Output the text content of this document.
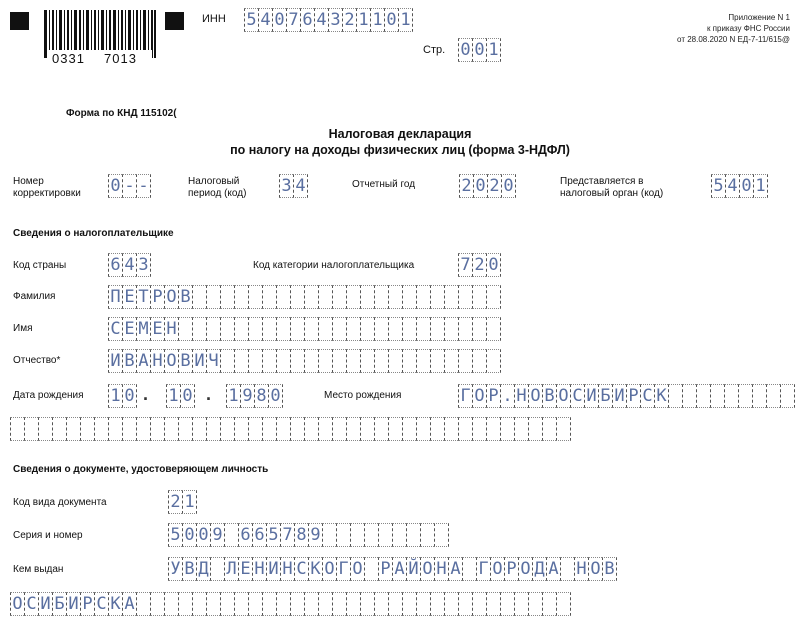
0331 7013
ИНН 5 4 0 7 6 4 3 2 1 1 0 1
Стр. 0 0 1
Приложение N 1
к приказу ФНС России
от 28.08.2020 N ЕД-7-11/615@
Форма по КНД 115102(
Налоговая декларация
по налогу на доходы физических лиц (форма 3-НДФЛ)
Номер
корректировки 0 - -	Налоговый
период (код) 3 4	Отчетный год	2 0 2 0	Представляется в
налоговый орган (код)	5 4 0 1
Сведения о налогоплательщике
Код страны	6 4 3	Код категории налогоплательщика	7 2 0
Фамилия	П Е Т Р О В

Имя	С Е М Е Н

Отчество*	И В А Н О В И Ч

Дата рождения 1 0 . 1 0 . 1 9 8 0	Место рождения	Г О Р . Н О В О С И Б И Р С К

Сведения о документе, удостоверяющем личность
Код вида документа	2 1
Серия и номер	5 0 0 9
6 6 5 7 8 9

Кем выдан	У В Д
Л Е Н И Н С К О Г О
Р А Й О Н А
Г О Р О Д А
Н О В
О С И Б И Р С К А
